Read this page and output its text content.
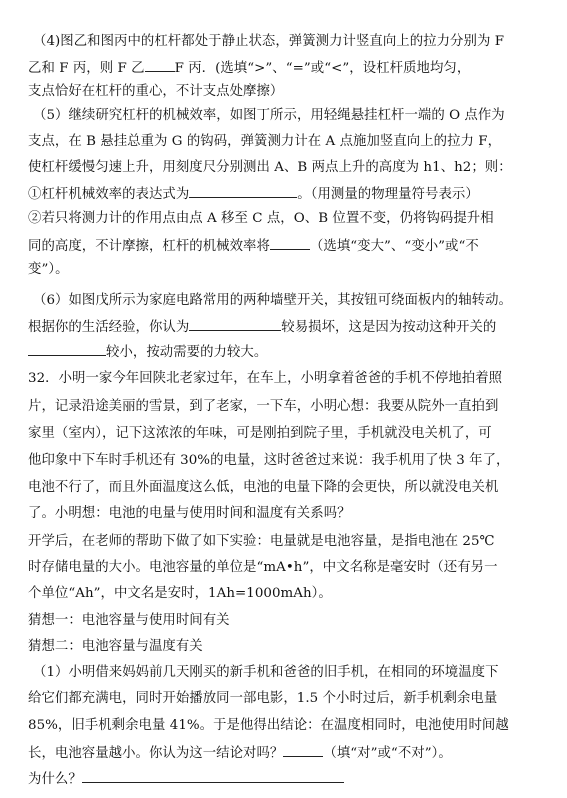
（4)图乙和图丙中的杠杆都处于静止状态，弹簧测力计竖直向上的拉力分别为 F
乙和 F 丙，则 F 乙 F 丙．(选填“>”、“=”或“<”，设杠杆质地均匀，
支点恰好在杠杆的重心，不计支点处摩擦）
（5）继续研究杠杆的机械效率，如图丁所示，用轻绳悬挂杠杆一端的 O 点作为
支点，在 B 悬挂总重为 G 的钩码，弹簧测力计在 A 点施加竖直向上的拉力 F，
使杠杆缓慢匀速上升，用刻度尺分别测出 A、B 两点上升的高度为 h1、h2；则：
①杠杆机械效率的表达式为	。（用测量的物理量符号表示）
②若只将测力计的作用点由点 A 移至 C 点，O、B 位置不变，仍将钩码提升相
同的高度，不计摩擦，杠杆的机械效率将	（选填“变大”、“变小”或“不
变”）。
（6）如图戊所示为家庭电路常用的两种墙壁开关，其按钮可绕面板内的轴转动。
根据你的生活经验，你认为	较易损坏，这是因为按动这种开关的
较小，按动需要的力较大。
32．小明一家今年回陕北老家过年，在车上，小明拿着爸爸的手机不停地拍着照
片，记录沿途美丽的雪景，到了老家，一下车，小明心想：我要从院外一直拍到
家里（室内），记下这浓浓的年味，可是刚拍到院子里，手机就没电关机了，可
他印象中下车时手机还有 30%的电量，这时爸爸过来说：我手机用了快 3 年了，
电池不行了，而且外面温度这么低，电池的电量下降的会更快，所以就没电关机
了。小明想：电池的电量与使用时间和温度有关系吗？
开学后，在老师的帮助下做了如下实验：电量就是电池容量，是指电池在 25℃
时存储电量的大小。电池容量的单位是“mA•h”，中文名称是毫安时（还有另一
个单位“Ah”，中文名是安时，1Ah=1000mAh）。
猜想一：电池容量与使用时间有关
猜想二：电池容量与温度有关
（1）小明借来妈妈前几天刚买的新手机和爸爸的旧手机，在相同的环境温度下
给它们都充满电，同时开始播放同一部电影，1.5 个小时过后，新手机剩余电量
85%，旧手机剩余电量 41%。于是他得出结论：在温度相同时，电池使用时间越
长，电池容量越小。你认为这一结论对吗？	（填“对”或“不对”）。
为什么？
